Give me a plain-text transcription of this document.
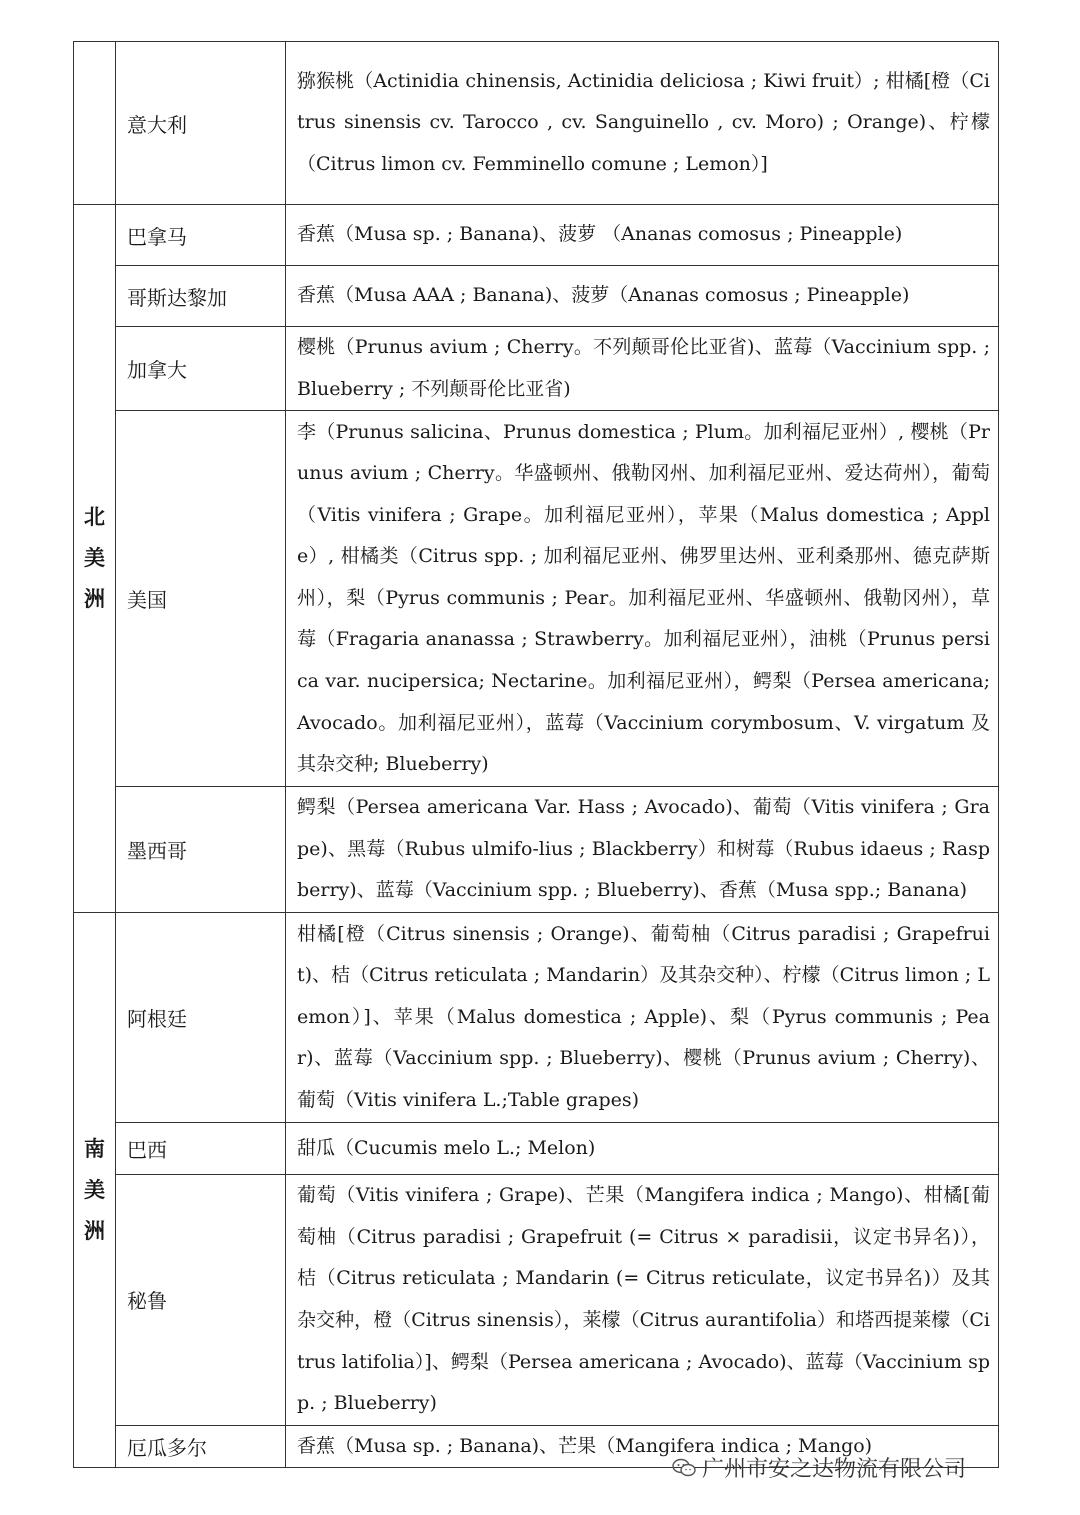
	意大利	猕猴桃（Actinidia chinensis, Actinidia deliciosa ; Kiwi fruit）; 柑橘[橙（Citrus sinensis cv. Tarocco , cv. Sanguinello , cv. Moro) ; Orange)、柠檬（Citrus limon cv. Femminello comune ; Lemon）]
北美洲	巴拿马	香蕉（Musa sp. ; Banana)、菠萝 （Ananas comosus ; Pineapple)
	哥斯达黎加	香蕉（Musa AAA ; Banana)、菠萝（Ananas comosus ; Pineapple)
	加拿大	樱桃（Prunus avium ; Cherry。不列颠哥伦比亚省)、蓝莓（Vaccinium spp. ; Blueberry ; 不列颠哥伦比亚省)
	美国	李（Prunus salicina、Prunus domestica ; Plum。加利福尼亚州）, 樱桃（Prunus avium ; Cherry。华盛顿州、俄勒冈州、加利福尼亚州、爱达荷州），葡萄（Vitis vinifera ; Grape。加利福尼亚州），苹果（Malus domestica ; Apple）, 柑橘类（Citrus spp. ; 加利福尼亚州、佛罗里达州、亚利桑那州、德克萨斯州），梨（Pyrus communis ; Pear。加利福尼亚州、华盛顿州、俄勒冈州），草莓（Fragaria ananassa ; Strawberry。加利福尼亚州），油桃（Prunus persica var. nucipersica; Nectarine。加利福尼亚州），鳄梨（Persea americana; Avocado。加利福尼亚州），蓝莓（Vaccinium corymbosum、V. virgatum 及其杂交种; Blueberry)
	墨西哥	鳄梨（Persea americana Var. Hass ; Avocado)、葡萄（Vitis vinifera ; Grape)、黑莓（Rubus ulmifo-lius ; Blackberry）和树莓（Rubus idaeus ; Raspberry)、蓝莓（Vaccinium spp. ; Blueberry)、香蕉（Musa spp.; Banana)
南美洲	阿根廷	柑橘[橙（Citrus sinensis ; Orange)、葡萄柚（Citrus paradisi ; Grapefruit)、桔（Citrus reticulata ; Mandarin）及其杂交种）、柠檬（Citrus limon ; Lemon）]、苹果（Malus domestica ; Apple)、梨（Pyrus communis ; Pear)、蓝莓（Vaccinium spp. ; Blueberry)、樱桃（Prunus avium ; Cherry)、葡萄（Vitis vinifera L.;Table grapes)
	巴西	甜瓜（Cucumis melo L.; Melon)
	秘鲁	葡萄（Vitis vinifera ; Grape)、芒果（Mangifera indica ; Mango)、柑橘[葡萄柚（Citrus paradisi ; Grapefruit (= Citrus × paradisii，议定书异名)），桔（Citrus reticulata ; Mandarin (= Citrus reticulate，议定书异名)）及其杂交种，橙（Citrus sinensis），莱檬（Citrus aurantifolia）和塔西提莱檬（Citrus latifolia）]、鳄梨（Persea americana ; Avocado)、蓝莓（Vaccinium spp. ; Blueberry)
	厄瓜多尔	香蕉（Musa sp. ; Banana)、芒果（Mangifera indica ; Mango)
广州市安之达物流有限公司
